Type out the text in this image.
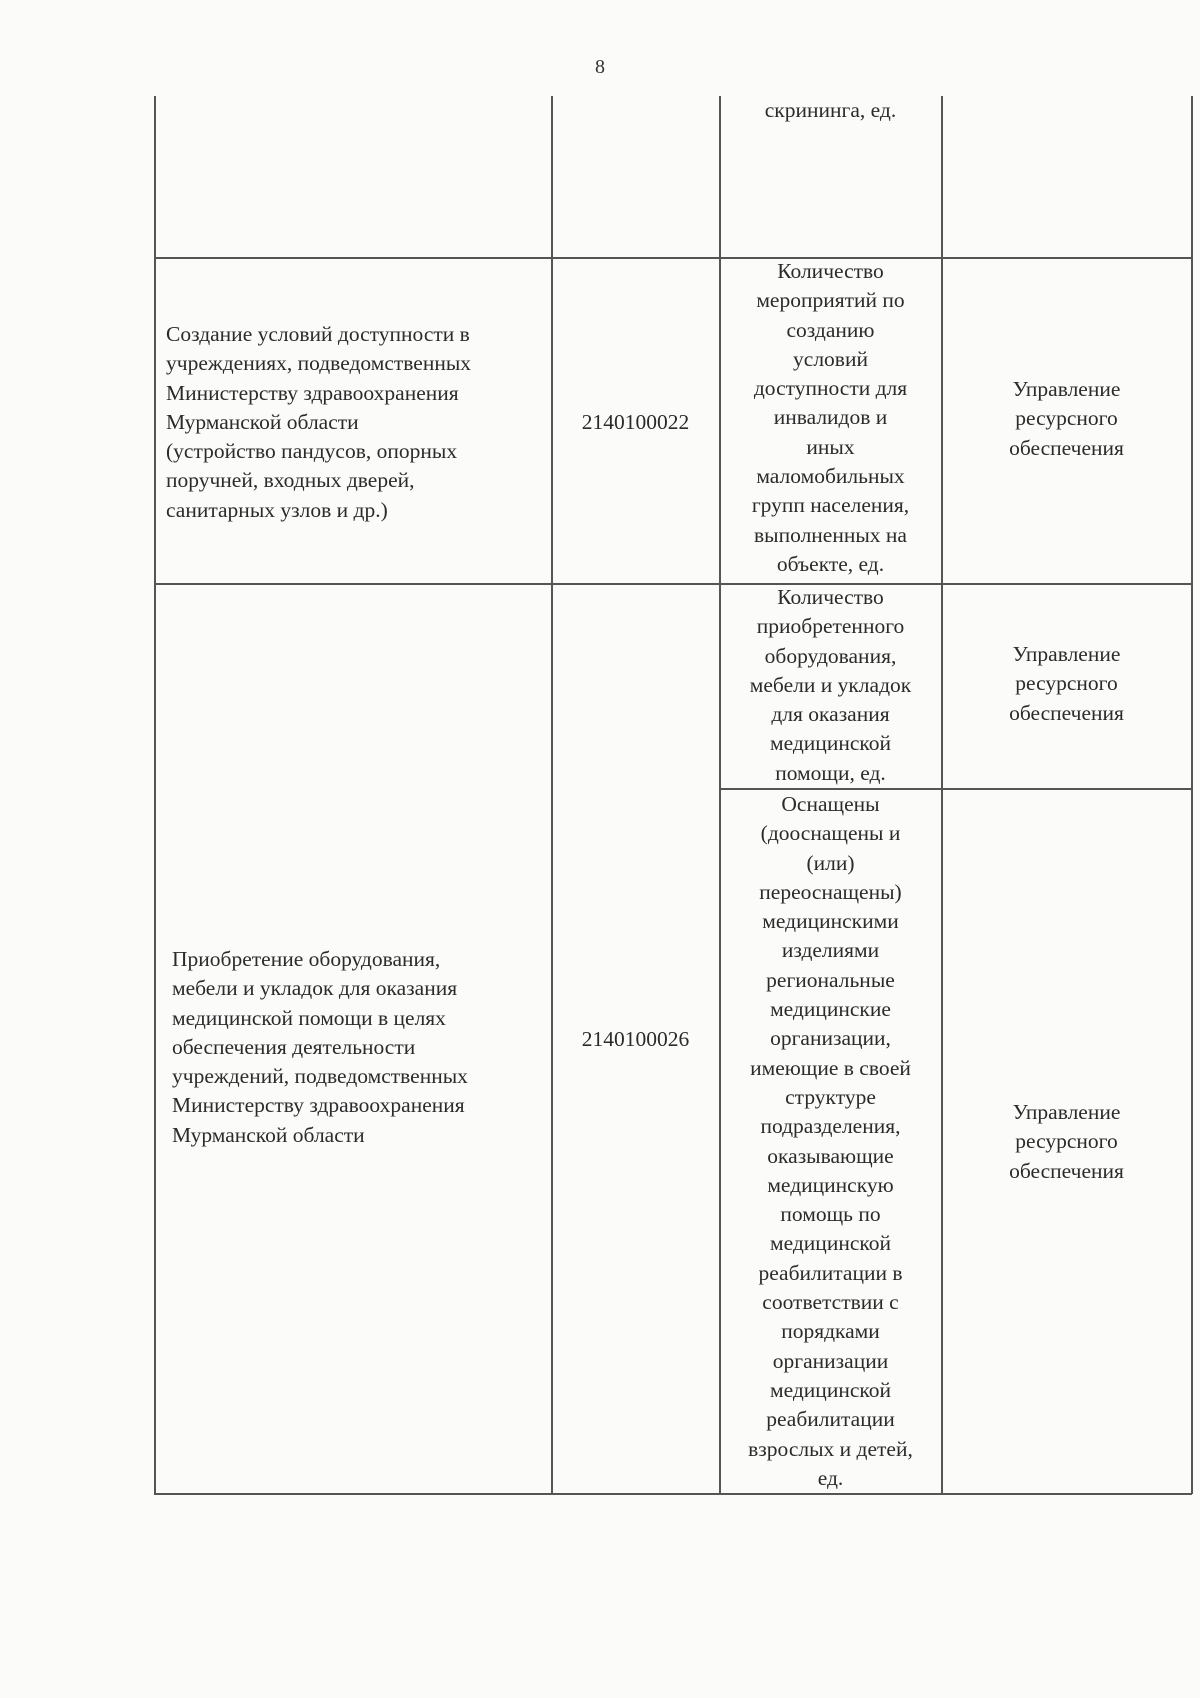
8
скрининга, ед.
Создание условий доступности в
учреждениях, подведомственных
Министерству здравоохранения
Мурманской области
(устройство пандусов, опорных
поручней, входных дверей,
санитарных узлов и др.)
2140100022
Количество
мероприятий по
созданию
условий
доступности для
инвалидов и
иных
маломобильных
групп населения,
выполненных на
объекте, ед.
Управление
ресурсного
обеспечения
Приобретение оборудования,
мебели и укладок для оказания
медицинской помощи в целях
обеспечения деятельности
учреждений, подведомственных
Министерству здравоохранения
Мурманской области
2140100026
Количество
приобретенного
оборудования,
мебели и укладок
для оказания
медицинской
помощи, ед.
Управление
ресурсного
обеспечения
Оснащены
(дооснащены и
(или)
переоснащены)
медицинскими
изделиями
региональные
медицинские
организации,
имеющие в своей
структуре
подразделения,
оказывающие
медицинскую
помощь по
медицинской
реабилитации в
соответствии с
порядками
организации
медицинской
реабилитации
взрослых и детей,
ед.
Управление
ресурсного
обеспечения
